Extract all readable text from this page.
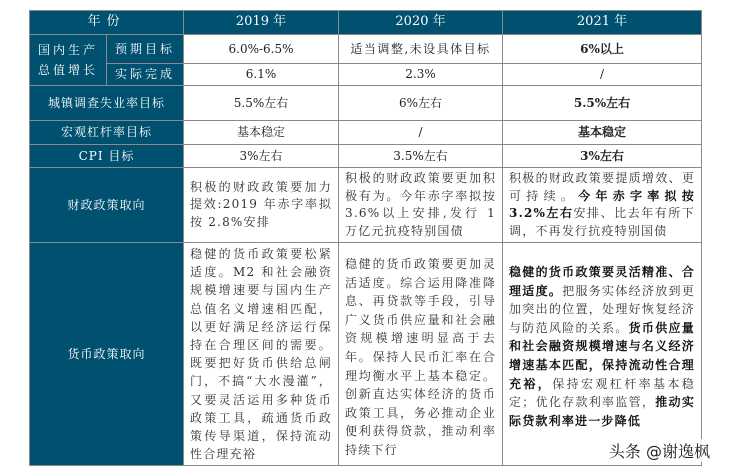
年份		2019 年	2020 年	2021 年
国内生产总值增长	预期目标	6.0%-6.5%	适当调整,未设具体目标	6%以上
	实际完成	6.1%	2.3%	/
城镇调查失业率目标		5.5%左右	6%左右	5.5%左右
宏观杠杆率目标		基本稳定	/	基本稳定
CPI 目标		3%左右	3.5%左右	3%左右
财政政策取向		积极的财政政策要加力提效:2019 年赤字率拟按 2.8%安排	积极的财政政策要更加积极有为。今年赤字率拟按 3.6%以上安排,发行 1 万亿元抗疫特别国债	积极的财政政策要提质增效、更可持续。今年赤字率拟按 3.2%左右安排、比去年有所下调，不再发行抗疫特别国债
货币政策取向		稳健的货币政策要松紧适度。M2 和社会融资规模增速要与国内生产总值名义增速相匹配，以更好满足经济运行保持在合理区间的需要。既要把好货币供给总闸门，不搞“大水漫灌”，又要灵活运用多种货币政策工具，疏通货币政策传导渠道，保持流动性合理充裕	稳健的货币政策要更加灵活适度。综合运用降准降息、再贷款等手段，引导广义货币供应量和社会融资规模增速明显高于去年。保持人民币汇率在合理均衡水平上基本稳定。创新直达实体经济的货币政策工具，务必推动企业便利获得贷款，推动利率持续下行	稳健的货币政策要灵活精准、合理适度。把服务实体经济放到更加突出的位置，处理好恢复经济与防范风险的关系。货币供应量和社会融资规模增速与名义经济增速基本匹配，保持流动性合理充裕，保持宏观杠杆率基本稳定；优化存款利率监管，推动实际贷款利率进一步降低
头条 @谢逸枫
